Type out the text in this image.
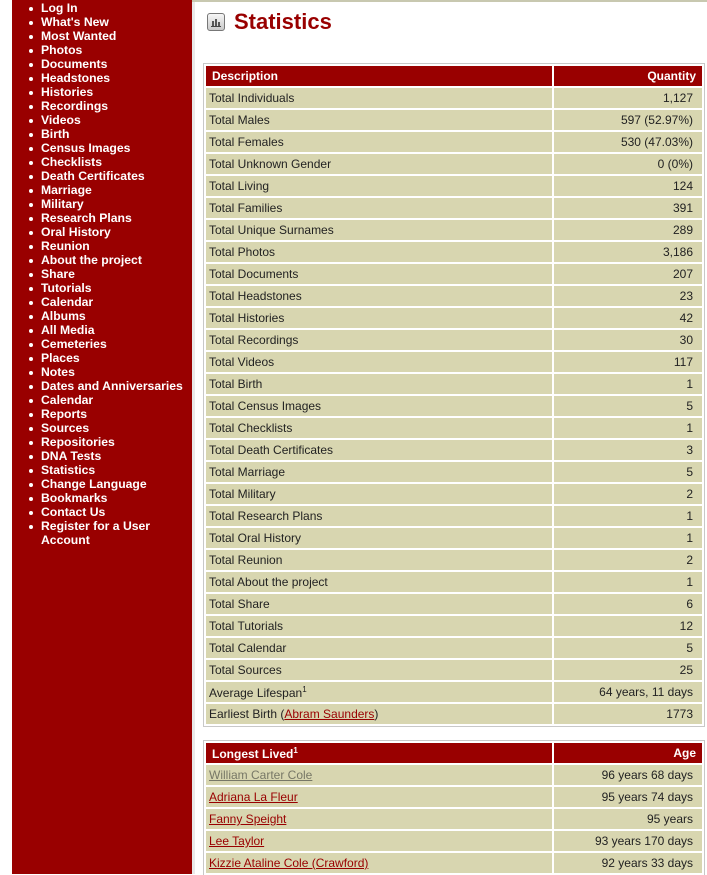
Log In
What's New
Most Wanted
Photos
Documents
Headstones
Histories
Recordings
Videos
Birth
Census Images
Checklists
Death Certificates
Marriage
Military
Research Plans
Oral History
Reunion
About the project
Share
Tutorials
Calendar
Albums
All Media
Cemeteries
Places
Notes
Dates and Anniversaries
Calendar
Reports
Sources
Repositories
DNA Tests
Statistics
Change Language
Bookmarks
Contact Us
Register for a User Account
Statistics
Description	Quantity
Total Individuals	1,127
Total Males	597 (52.97%)
Total Females	530 (47.03%)
Total Unknown Gender	0 (0%)
Total Living	124
Total Families	391
Total Unique Surnames	289
Total Photos	3,186
Total Documents	207
Total Headstones	23
Total Histories	42
Total Recordings	30
Total Videos	117
Total Birth	1
Total Census Images	5
Total Checklists	1
Total Death Certificates	3
Total Marriage	5
Total Military	2
Total Research Plans	1
Total Oral History	1
Total Reunion	2
Total About the project	1
Total Share	6
Total Tutorials	12
Total Calendar	5
Total Sources	25
Average Lifespan$^1$	64 years, 11 days
Earliest Birth (Abram Saunders)	1773
Longest Lived$^1$	Age
William Carter Cole	96 years 68 days
Adriana La Fleur	95 years 74 days
Fanny Speight	95 years
Lee Taylor	93 years 170 days
Kizzie Ataline Cole (Crawford)	92 years 33 days
